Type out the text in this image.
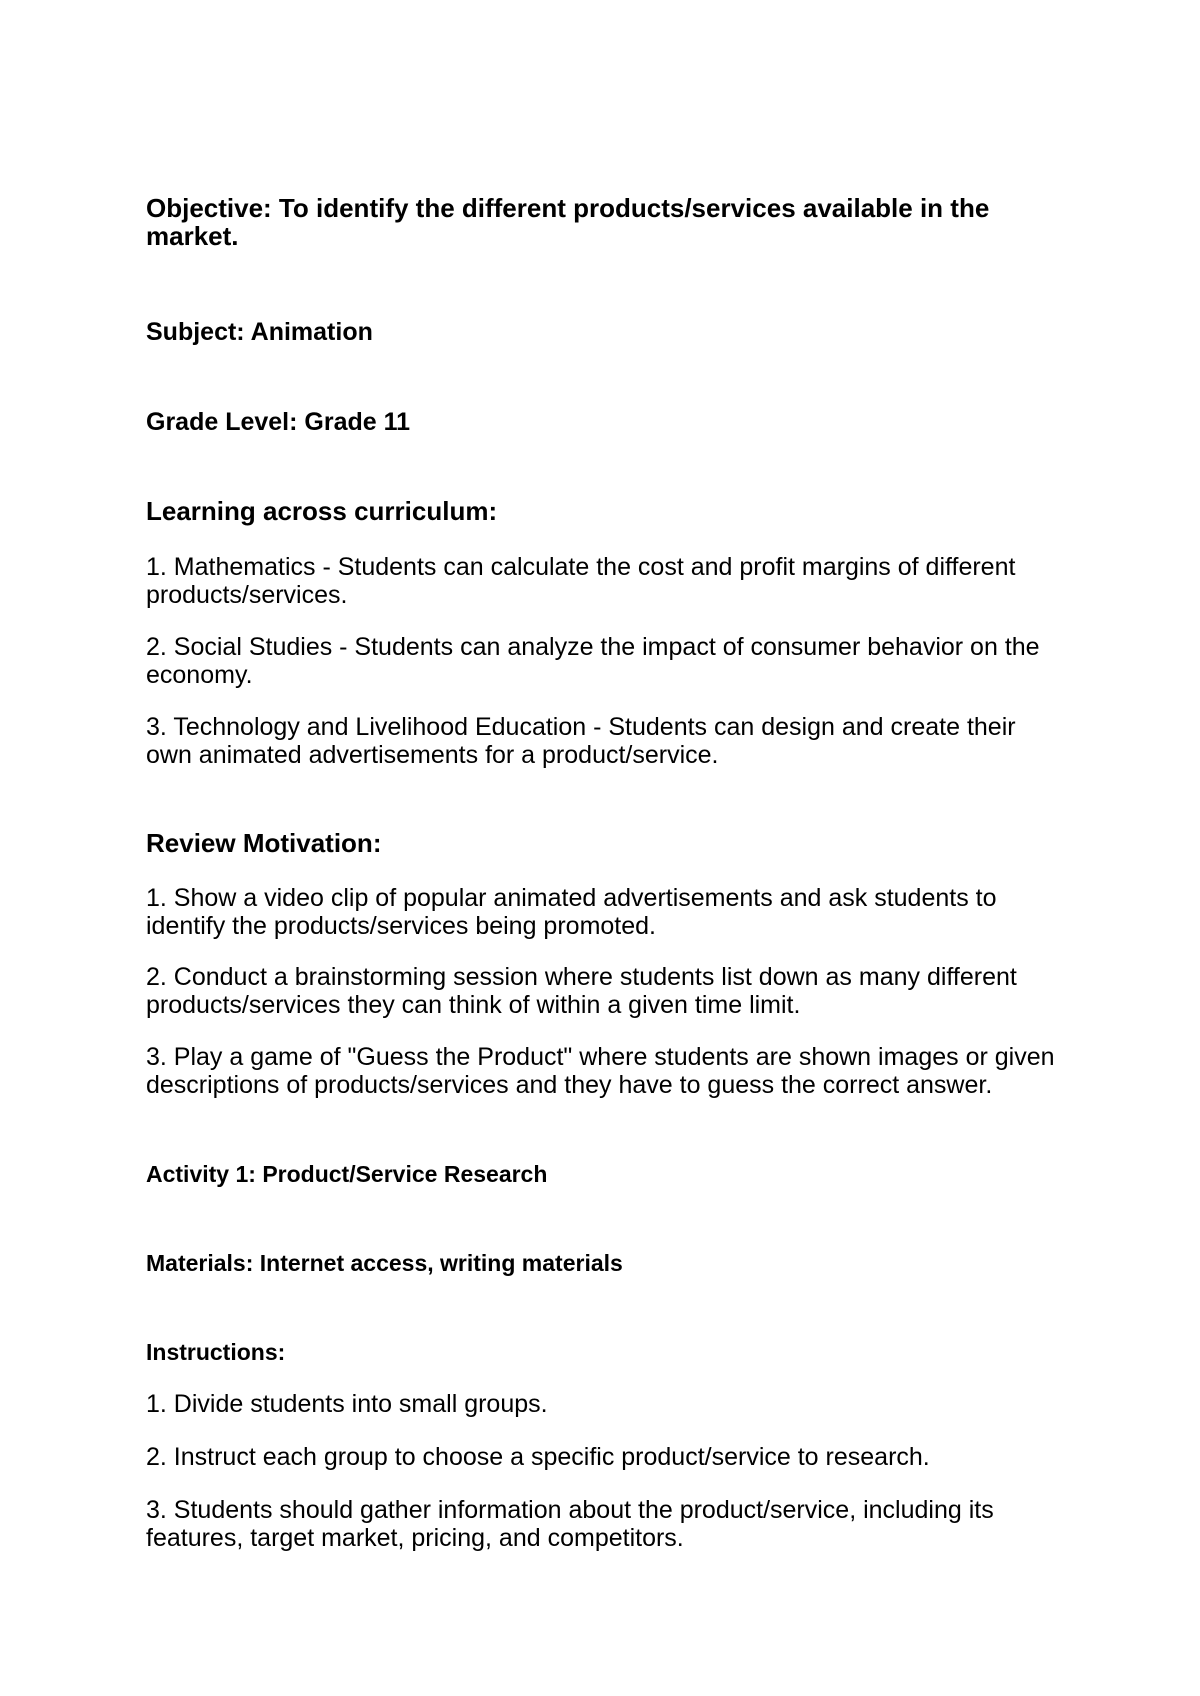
Objective: To identify the different products/services available in the market.

Subject: Animation

Grade Level: Grade 11

Learning across curriculum:

1. Mathematics - Students can calculate the cost and profit margins of different products/services.

2. Social Studies - Students can analyze the impact of consumer behavior on the economy.

3. Technology and Livelihood Education - Students can design and create their own animated advertisements for a product/service.

Review Motivation:

1. Show a video clip of popular animated advertisements and ask students to identify the products/services being promoted.

2. Conduct a brainstorming session where students list down as many different products/services they can think of within a given time limit.

3. Play a game of "Guess the Product" where students are shown images or given descriptions of products/services and they have to guess the correct answer.

Activity 1: Product/Service Research

Materials: Internet access, writing materials

Instructions:

1. Divide students into small groups.

2. Instruct each group to choose a specific product/service to research.

3. Students should gather information about the product/service, including its features, target market, pricing, and competitors.
